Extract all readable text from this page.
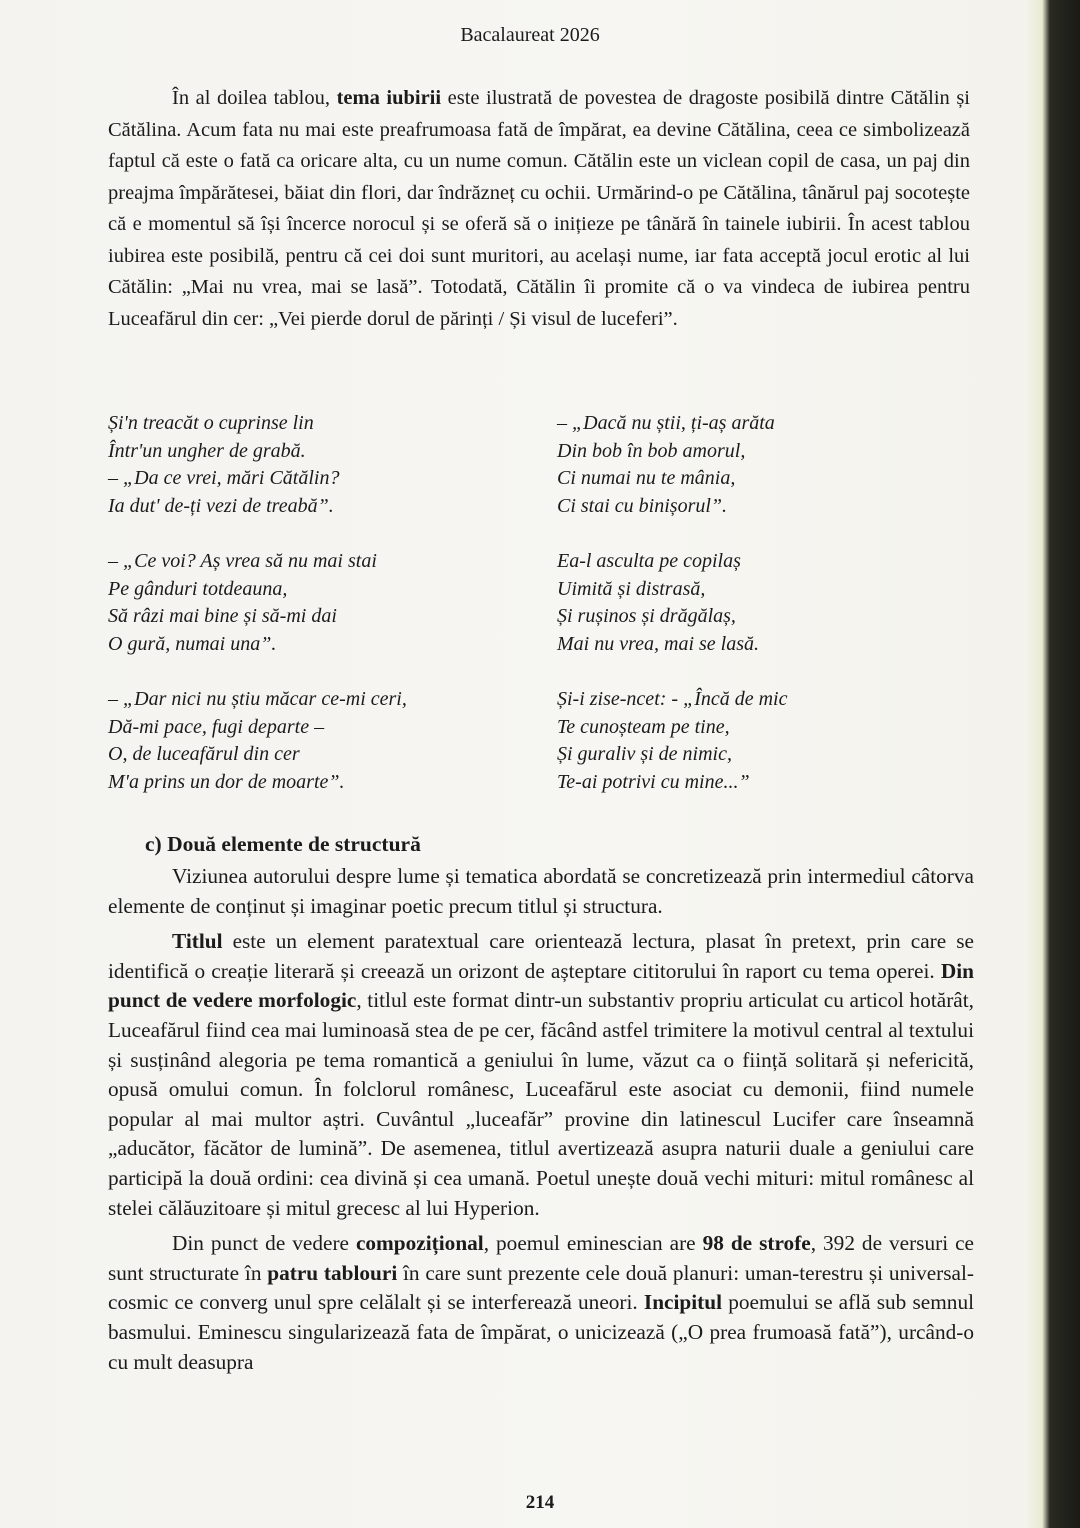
Bacalaureat 2026

În al doilea tablou, tema iubirii este ilustrată de povestea de dragoste posibilă dintre Cătălin și Cătălina. Acum fata nu mai este preafrumoasa fată de împărat, ea devine Cătălina, ceea ce simbolizează faptul că este o fată ca oricare alta, cu un nume comun. Cătălin este un viclean copil de casa, un paj din preajma împărătesei, băiat din flori, dar îndrăzneț cu ochii. Urmărind-o pe Cătălina, tânărul paj socotește că e momentul să își încerce norocul și se oferă să o inițieze pe tânără în tainele iubirii. În acest tablou iubirea este posibilă, pentru că cei doi sunt muritori, au același nume, iar fata acceptă jocul erotic al lui Cătălin: „Mai nu vrea, mai se lasă”. Totodată, Cătălin îi promite că o va vindeca de iubirea pentru Luceafărul din cer: „Vei pierde dorul de părinți / Și visul de luceferi”.

Și'n treacăt o cuprinse lin
Într'un ungher de grabă.
– „Da ce vrei, mări Cătălin?
Ia dut' de-ți vezi de treabă”.
– „Ce voi? Aș vrea să nu mai stai
Pe gânduri totdeauna,
Să râzi mai bine și să-mi dai
O gură, numai una”.
– „Dar nici nu știu măcar ce-mi ceri,
Dă-mi pace, fugi departe –
O, de luceafărul din cer
M'a prins un dor de moarte”.
– „Dacă nu știi, ți-aș arăta
Din bob în bob amorul,
Ci numai nu te mânia,
Ci stai cu binișorul”.
Ea-l asculta pe copilaș
Uimită și distrasă,
Și rușinos și drăgălaș,
Mai nu vrea, mai se lasă.
Și-i zise-ncet: - „Încă de mic
Te cunoșteam pe tine,
Și guraliv și de nimic,
Te-ai potrivi cu mine...”
c) Două elemente de structură

Viziunea autorului despre lume și tematica abordată se concretizează prin intermediul câtorva elemente de conținut și imaginar poetic precum titlul și structura.

Titlul este un element paratextual care orientează lectura, plasat în pretext, prin care se identifică o creație literară și creează un orizont de așteptare cititorului în raport cu tema operei. Din punct de vedere morfologic, titlul este format dintr-un substantiv propriu articulat cu articol hotărât, Luceafărul fiind cea mai luminoasă stea de pe cer, făcând astfel trimitere la motivul central al textului și susținând alegoria pe tema romantică a geniului în lume, văzut ca o ființă solitară și nefericită, opusă omului comun. În folclorul românesc, Luceafărul este asociat cu demonii, fiind numele popular al mai multor aștri. Cuvântul „luceafăr” provine din latinescul Lucifer care înseamnă „aducător, făcător de lumină”. De asemenea, titlul avertizează asupra naturii duale a geniului care participă la două ordini: cea divină și cea umană. Poetul unește două vechi mituri: mitul românesc al stelei călăuzitoare și mitul grecesc al lui Hyperion.

Din punct de vedere compozițional, poemul eminescian are 98 de strofe, 392 de versuri ce sunt structurate în patru tablouri în care sunt prezente cele două planuri: uman-terestru și universal-cosmic ce converg unul spre celălalt și se interferează uneori. Incipitul poemului se află sub semnul basmului. Eminescu singularizează fata de împărat, o unicizează („O prea frumoasă fată”), urcând-o cu mult deasupra

214
